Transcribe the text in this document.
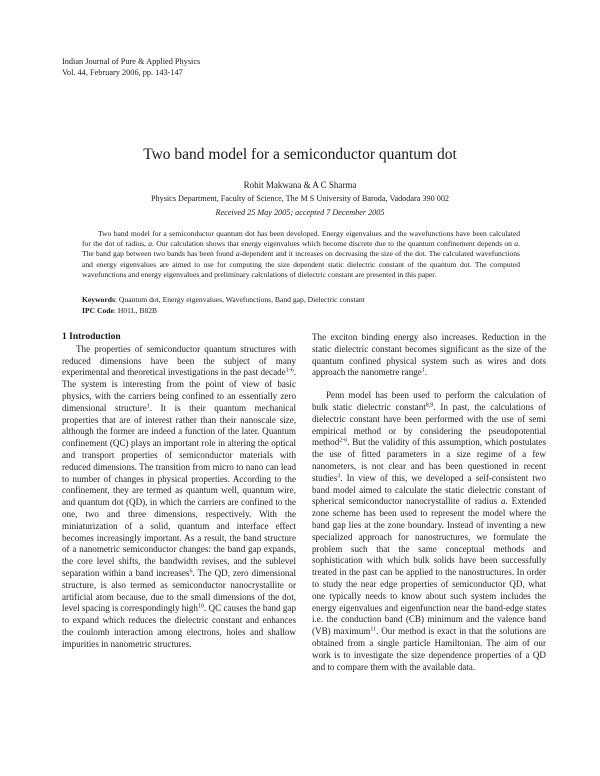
Indian Journal of Pure & Applied Physics
Vol. 44, February 2006, pp. 143-147
Two band model for a semiconductor quantum dot
Rohit Makwana & A C Sharma
Physics Department, Faculty of Science, The M S University of Baroda, Vadodara 390 002
Received 25 May 2005; accepted 7 December 2005

Two band model for a semiconductor quantum dot has been developed. Energy eigenvalues and the wavefunctions have been calculated for the dot of radius, a. Our calculation shows that energy eigenvalues which become discrete due to the quantum confinement depends on a. The band gap between two bands has been found a-dependent and it increases on decreasing the size of the dot. The calculated wavefunctions and energy eigenvalues are aimed to use for computing the size dependent static dielectric constant of the quantum dot. The computed wavefunctions and energy eigenvalues and preliminary calculations of dielectric constant are presented in this paper.

Keywords: Quantum dot, Energy eigenvalues, Wavefunctions, Band gap, Dielectric constant
IPC Code: H01L, B82B

1 Introduction

The properties of semiconductor quantum structures with reduced dimensions have been the subject of many experimental and theoretical investigations in the past decade$^{1-6}$. The system is interesting from the point of view of basic physics, with the carriers being confined to an essentially zero dimensional structure$^1$. It is their quantum mechanical properties that are of interest rather than their nanoscale size, although the former are indeed a function of the later. Quantum confinement (QC) plays an important role in altering the optical and transport properties of semiconductor materials with reduced dimensions. The transition from micro to nano can lead to number of changes in physical properties. According to the confinement, they are termed as quantum well, quantum wire, and quantum dot (QD), in which the carriers are confined to the one, two and three dimensions, respectively. With the miniaturization of a solid, quantum and interface effect becomes increasingly important. As a result, the band structure of a nanometric semiconductor changes: the band gap expands, the core level shifts, the bandwidth revises, and the sublevel separation within a band increases$^6$. The QD, zero dimensional structure, is also termed as semiconductor nanocrystallite or artificial atom because, due to the small dimensions of the dot, level spacing is correspondingly high$^{10}$. QC causes the band gap to expand which reduces the dielectric constant and enhances the coulomb interaction among electrons, holes and shallow impurities in nanometric structures.

The exciton binding energy also increases. Reduction in the static dielectric constant becomes significant as the size of the quantum confined physical system such as wires and dots approach the nanometre range$^1$.

Penn model has been used to perform the calculation of bulk static dielectric constant$^{8,9}$. In past, the calculations of dielectric constant have been performed with the use of semi empirical method or by considering the pseudopotential method$^{2-6}$. But the validity of this assumption, which postulates the use of fitted parameters in a size regime of a few nanometers, is not clear and has been questioned in recent studies$^3$. In view of this, we developed a self-consistent two band model aimed to calculate the static dielectric constant of spherical semiconductor nanocrystallite of radius a. Extended zone scheme has been used to represent the model where the band gap lies at the zone boundary. Instead of inventing a new specialized approach for nanostructures, we formulate the problem such that the same conceptual methods and sophistication with which bulk solids have been successfully treated in the past can be applied to the nanostructures. In order to study the near edge properties of semiconductor QD, what one typically needs to know about such system includes the energy eigenvalues and eigenfunction near the band-edge states i.e. the conduction band (CB) minimum and the valence band (VB) maximum$^{11}$. Our method is exact in that the solutions are obtained from a single particle Hamiltonian. The aim of our work is to investigate the size dependence properties of a QD and to compare them with the available data.
